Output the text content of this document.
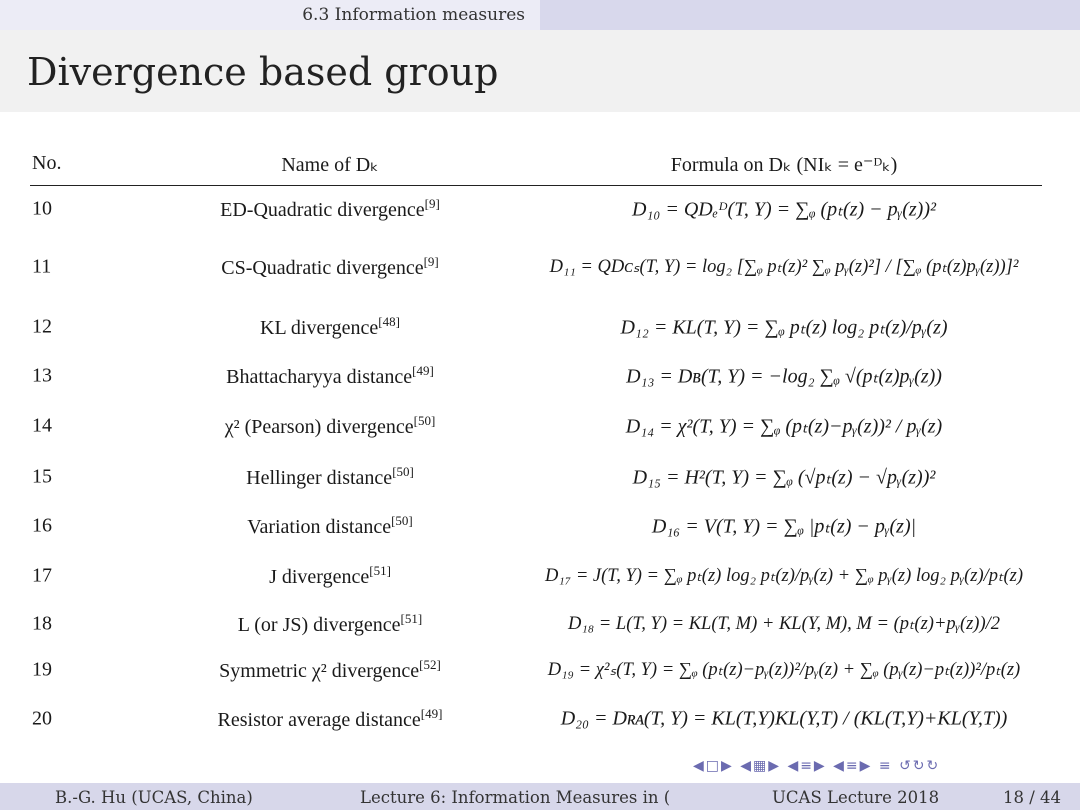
6.3 Information measures
Divergence based group
No.	Name of Dₖ	Formula on Dₖ (NIₖ = e⁻ᴰₖ)
10	ED-Quadratic divergence[9]	D₁₀ = QDₑᴰ(T, Y) = ∑ᵩ (pₜ(z) − pᵧ(z))²
11	CS-Quadratic divergence[9]	D₁₁ = QDᴄₛ(T, Y) = log₂ [∑ᵩ pₜ(z)² ∑ᵩ pᵧ(z)²] / [∑ᵩ (pₜ(z)pᵧ(z))]²
12	KL divergence[48]	D₁₂ = KL(T, Y) = ∑ᵩ pₜ(z) log₂ pₜ(z)/pᵧ(z)
13	Bhattacharyya distance[49]	D₁₃ = Dʙ(T, Y) = −log₂ ∑ᵩ √(pₜ(z)pᵧ(z))
14	χ² (Pearson) divergence[50]	D₁₄ = χ²(T, Y) = ∑ᵩ (pₜ(z)−pᵧ(z))² / pᵧ(z)
15	Hellinger distance[50]	D₁₅ = H²(T, Y) = ∑ᵩ (√pₜ(z) − √pᵧ(z))²
16	Variation distance[50]	D₁₆ = V(T, Y) = ∑ᵩ |pₜ(z) − pᵧ(z)|
17	J divergence[51]	D₁₇ = J(T, Y) = ∑ᵩ pₜ(z) log₂ pₜ(z)/pᵧ(z) + ∑ᵩ pᵧ(z) log₂ pᵧ(z)/pₜ(z)
18	L (or JS) divergence[51]	D₁₈ = L(T, Y) = KL(T, M) + KL(Y, M), M = (pₜ(z)+pᵧ(z))/2
19	Symmetric χ² divergence[52]	D₁₉ = χ²ₛ(T, Y) = ∑ᵩ (pₜ(z)−pᵧ(z))²/pᵧ(z) + ∑ᵩ (pᵧ(z)−pₜ(z))²/pₜ(z)
20	Resistor average distance[49]	D₂₀ = Dʀᴀ(T, Y) = KL(T,Y)KL(Y,T) / (KL(T,Y)+KL(Y,T))
◀□▶ ◀▦▶ ◀≡▶ ◀≡▶ ≡ ↺↻↻
B.-G. Hu (UCAS, China)	Lecture 6: Information Measures in (	UCAS Lecture 2018	18 / 44
